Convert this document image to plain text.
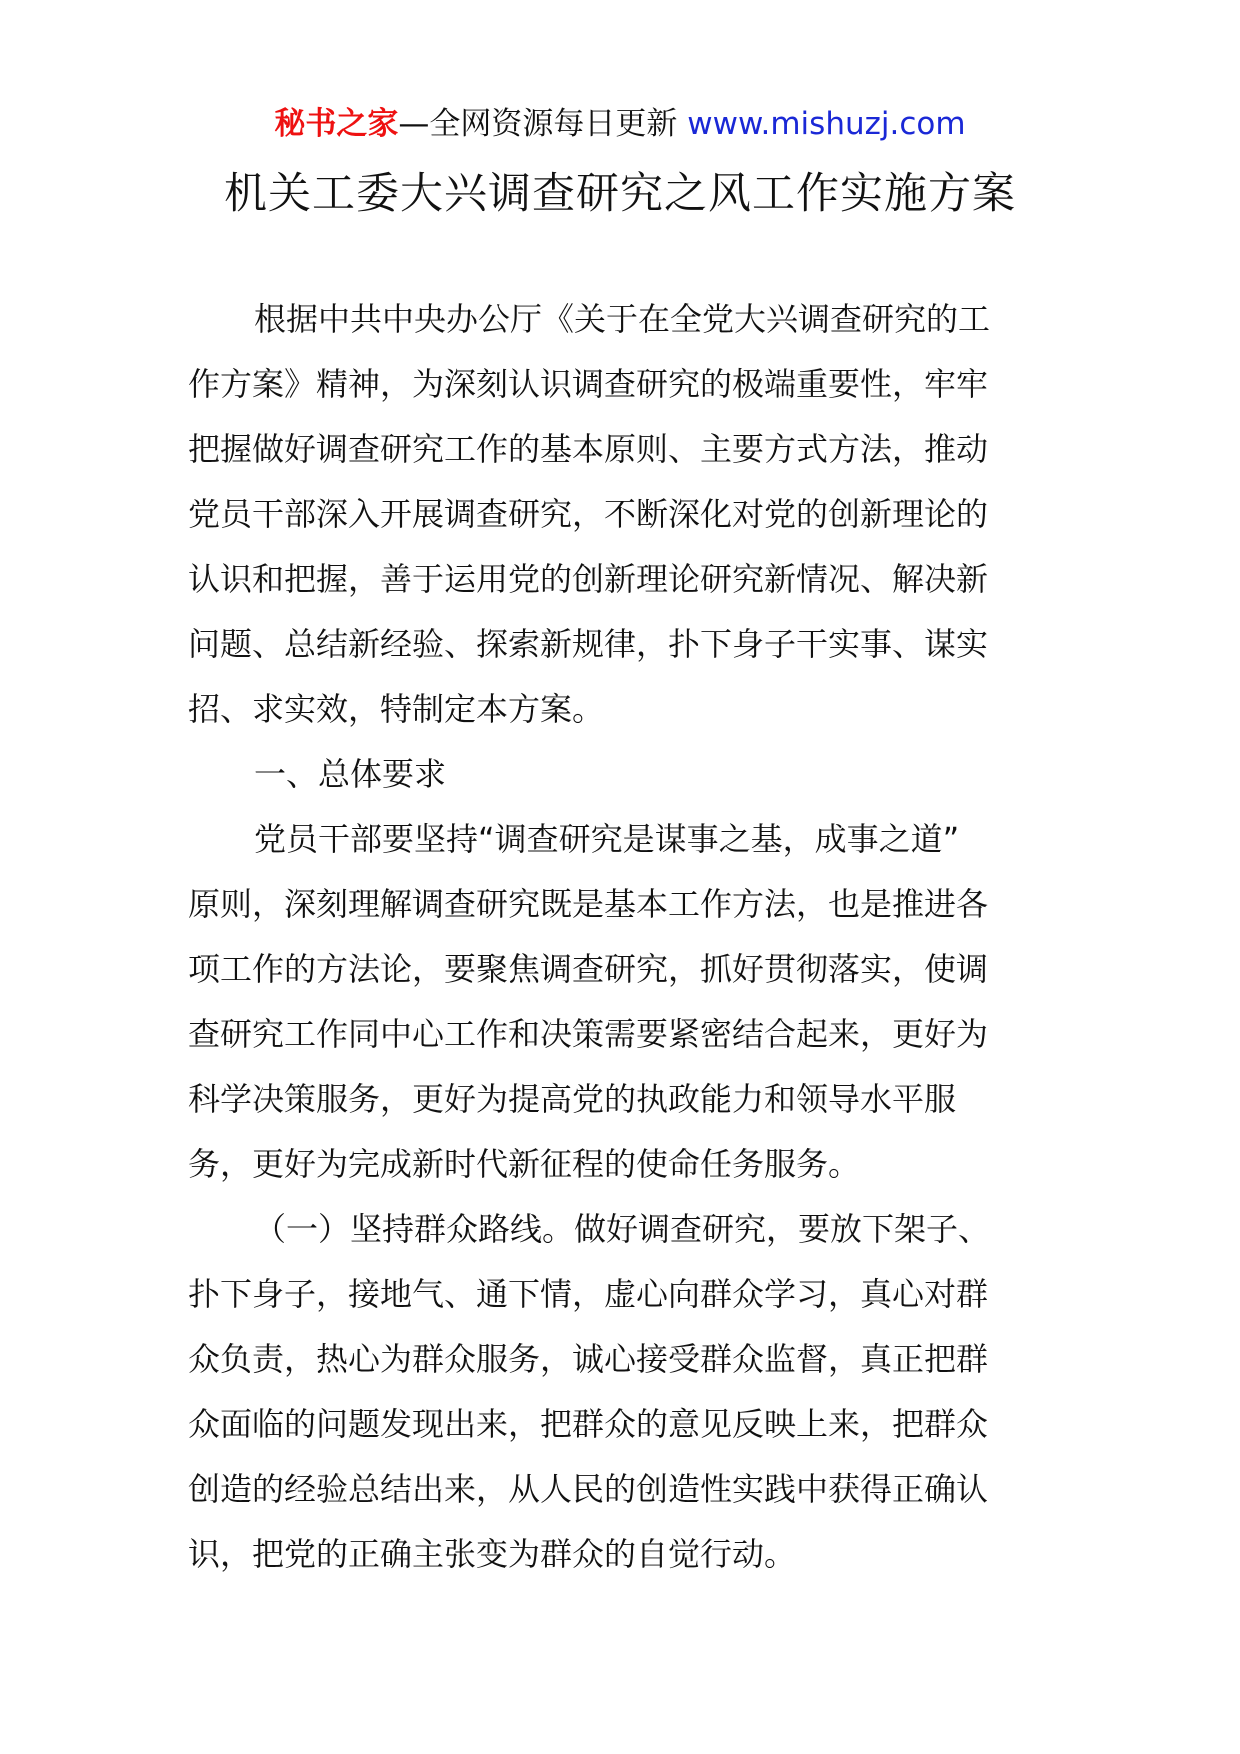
秘书之家—全网资源每日更新 www.mishuzj.com
机关工委大兴调查研究之风工作实施方案

根据中共中央办公厅《关于在全党大兴调查研究的工

作方案》精神，为深刻认识调查研究的极端重要性，牢牢

把握做好调查研究工作的基本原则、主要方式方法，推动

党员干部深入开展调查研究，不断深化对党的创新理论的

认识和把握，善于运用党的创新理论研究新情况、解决新

问题、总结新经验、探索新规律，扑下身子干实事、谋实

招、求实效，特制定本方案。

一、总体要求

党员干部要坚持“调查研究是谋事之基，成事之道”

原则，深刻理解调查研究既是基本工作方法，也是推进各

项工作的方法论，要聚焦调查研究，抓好贯彻落实，使调

查研究工作同中心工作和决策需要紧密结合起来，更好为

科学决策服务，更好为提高党的执政能力和领导水平服

务，更好为完成新时代新征程的使命任务服务。

（一）坚持群众路线。做好调查研究，要放下架子、

扑下身子，接地气、通下情，虚心向群众学习，真心对群

众负责，热心为群众服务，诚心接受群众监督，真正把群

众面临的问题发现出来，把群众的意见反映上来，把群众

创造的经验总结出来，从人民的创造性实践中获得正确认

识，把党的正确主张变为群众的自觉行动。
